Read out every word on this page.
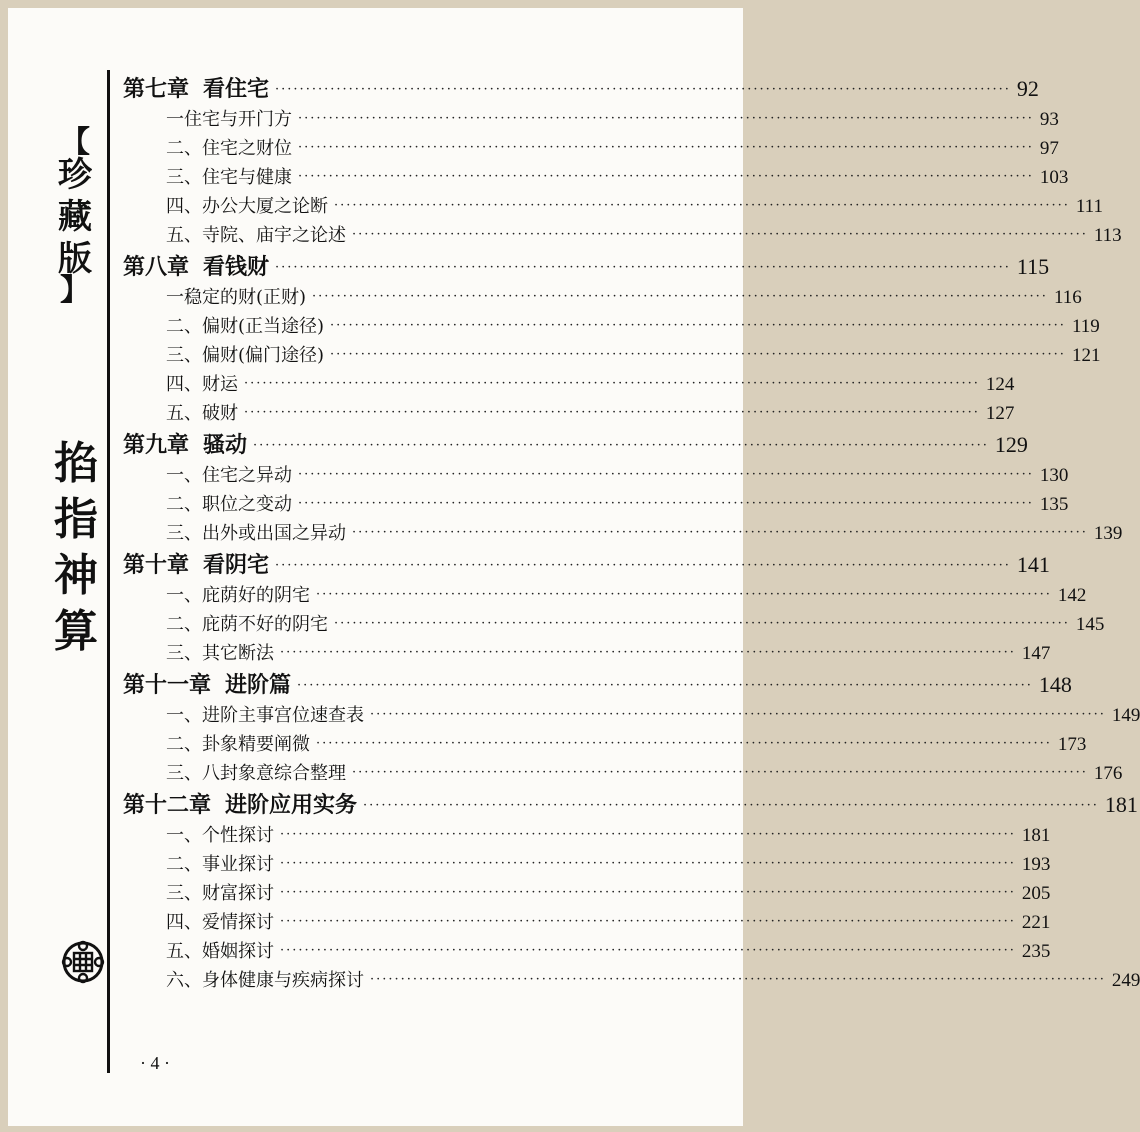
【
珍
藏
版
】
掐
指
神
算
第七章 看住宅 ························································································································ 92
一住宅与开门方 ························································································································ 93
二、住宅之财位 ························································································································ 97
三、住宅与健康 ························································································································ 103
四、办公大厦之论断 ························································································································ 111
五、寺院、庙宇之论述 ························································································································ 113
第八章 看钱财 ························································································································ 115
一稳定的财(正财) ························································································································ 116
二、偏财(正当途径) ························································································································ 119
三、偏财(偏门途径) ························································································································ 121
四、财运 ························································································································ 124
五、破财 ························································································································ 127
第九章 骚动 ························································································································ 129
一、住宅之异动 ························································································································ 130
二、职位之变动 ························································································································ 135
三、出外或出国之异动 ························································································································ 139
第十章 看阴宅 ························································································································ 141
一、庇荫好的阴宅 ························································································································ 142
二、庇荫不好的阴宅 ························································································································ 145
三、其它断法 ························································································································ 147
第十一章 进阶篇 ························································································································ 148
一、进阶主事宫位速查表 ························································································································ 149
二、卦象精要阐微 ························································································································ 173
三、八封象意综合整理 ························································································································ 176
第十二章 进阶应用实务 ························································································································ 181
一、个性探讨 ························································································································ 181
二、事业探讨 ························································································································ 193
三、财富探讨 ························································································································ 205
四、爱情探讨 ························································································································ 221
五、婚姻探讨 ························································································································ 235
六、身体健康与疾病探讨 ························································································································ 249
· 4 ·
